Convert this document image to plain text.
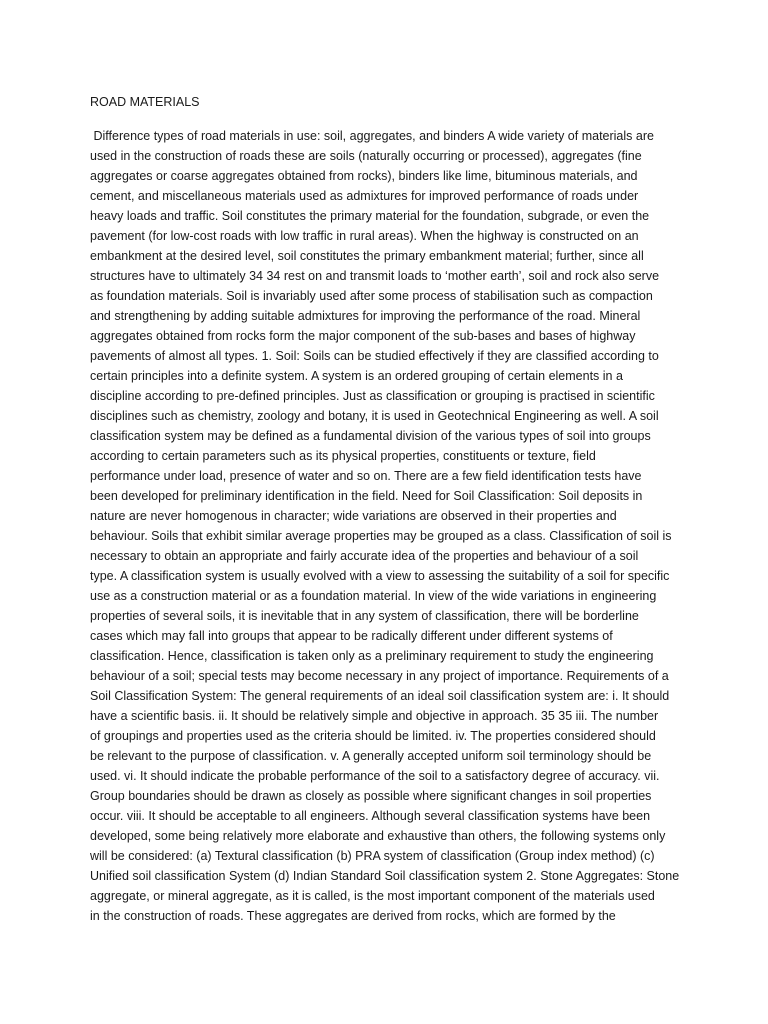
ROAD MATERIALS
Difference types of road materials in use: soil, aggregates, and binders A wide variety of materials are
used in the construction of roads these are soils (naturally occurring or processed), aggregates (fine
aggregates or coarse aggregates obtained from rocks), binders like lime, bituminous materials, and
cement, and miscellaneous materials used as admixtures for improved performance of roads under
heavy loads and traffic. Soil constitutes the primary material for the foundation, subgrade, or even the
pavement (for low-cost roads with low traffic in rural areas). When the highway is constructed on an
embankment at the desired level, soil constitutes the primary embankment material; further, since all
structures have to ultimately 34 34 rest on and transmit loads to ‘mother earth’, soil and rock also serve
as foundation materials. Soil is invariably used after some process of stabilisation such as compaction
and strengthening by adding suitable admixtures for improving the performance of the road. Mineral
aggregates obtained from rocks form the major component of the sub-bases and bases of highway
pavements of almost all types. 1. Soil: Soils can be studied effectively if they are classified according to
certain principles into a definite system. A system is an ordered grouping of certain elements in a
discipline according to pre-defined principles. Just as classification or grouping is practised in scientific
disciplines such as chemistry, zoology and botany, it is used in Geotechnical Engineering as well. A soil
classification system may be defined as a fundamental division of the various types of soil into groups
according to certain parameters such as its physical properties, constituents or texture, field
performance under load, presence of water and so on. There are a few field identification tests have
been developed for preliminary identification in the field. Need for Soil Classification: Soil deposits in
nature are never homogenous in character; wide variations are observed in their properties and
behaviour. Soils that exhibit similar average properties may be grouped as a class. Classification of soil is
necessary to obtain an appropriate and fairly accurate idea of the properties and behaviour of a soil
type. A classification system is usually evolved with a view to assessing the suitability of a soil for specific
use as a construction material or as a foundation material. In view of the wide variations in engineering
properties of several soils, it is inevitable that in any system of classification, there will be borderline
cases which may fall into groups that appear to be radically different under different systems of
classification. Hence, classification is taken only as a preliminary requirement to study the engineering
behaviour of a soil; special tests may become necessary in any project of importance. Requirements of a
Soil Classification System: The general requirements of an ideal soil classification system are: i. It should
have a scientific basis. ii. It should be relatively simple and objective in approach. 35 35 iii. The number
of groupings and properties used as the criteria should be limited. iv. The properties considered should
be relevant to the purpose of classification. v. A generally accepted uniform soil terminology should be
used. vi. It should indicate the probable performance of the soil to a satisfactory degree of accuracy. vii.
Group boundaries should be drawn as closely as possible where significant changes in soil properties
occur. viii. It should be acceptable to all engineers. Although several classification systems have been
developed, some being relatively more elaborate and exhaustive than others, the following systems only
will be considered: (a) Textural classification (b) PRA system of classification (Group index method) (c)
Unified soil classification System (d) Indian Standard Soil classification system 2. Stone Aggregates: Stone
aggregate, or mineral aggregate, as it is called, is the most important component of the materials used
in the construction of roads. These aggregates are derived from rocks, which are formed by the
